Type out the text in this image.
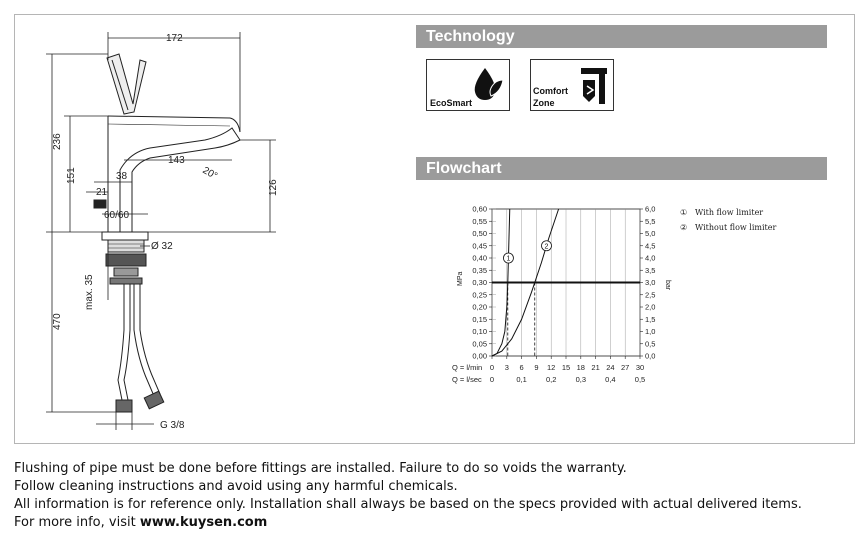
172
236
151
143
20°
126
38
21
60/60
Ø 32
max. 35
470
G 3/8
Technology
EcoSmart
Comfort
Zone
Flowchart
1
2
0 3 6 9 12 15 18 21 24 27 30
0,00	0,0
0,05	0,5
0,10	1,0
0,15	1,5
0,20	2,0
0,25	2,5
0,30	3,0
0,35	3,5
0,40	4,0
0,45	4,5
0,50	5,0
0,55	5,5
0,60	6,0
MPa	bar
Q = l/min
Q = l/sec 0	0,1	0,2	0,3	0,4	0,5
① With flow limiter
② Without flow limiter
Flushing of pipe must be done before fittings are installed. Failure to do so voids the warranty.
Follow cleaning instructions and avoid using any harmful chemicals.
All information is for reference only. Installation shall always be based on the specs provided with actual delivered items.
For more info, visit www.kuysen.com
